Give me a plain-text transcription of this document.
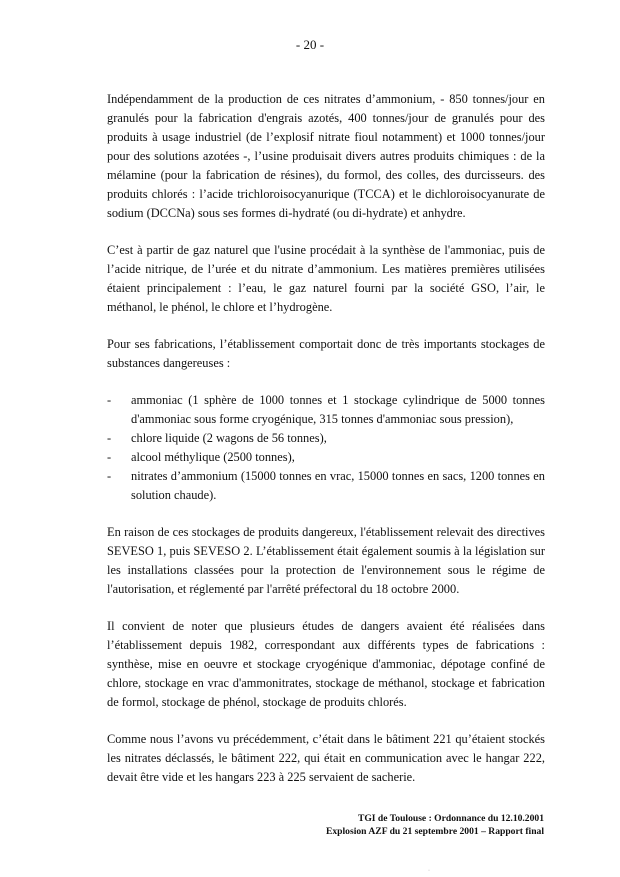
- 20 -

Indépendamment de la production de ces nitrates d’ammonium, - 850 tonnes/jour en granulés pour la fabrication d'engrais azotés, 400 tonnes/jour de granulés pour des produits à usage industriel (de l’explosif nitrate fioul notamment) et 1000 tonnes/jour pour des solutions azotées -, l’usine produisait divers autres produits chimiques : de la mélamine (pour la fabrication de résines), du formol, des colles, des durcisseurs. des produits chlorés : l’acide trichloroisocyanurique (TCCA) et le dichloroisocyanurate de sodium (DCCNa) sous ses formes di-hydraté (ou di-hydrate) et anhydre.

C’est à partir de gaz naturel que l'usine procédait à la synthèse de l'ammoniac, puis de l’acide nitrique, de l’urée et du nitrate d’ammonium. Les matières premières utilisées étaient principalement : l’eau, le gaz naturel fourni par la société GSO, l’air, le méthanol, le phénol, le chlore et l’hydrogène.

Pour ses fabrications, l’établissement comportait donc de très importants stockages de substances dangereuses :

- ammoniac (1 sphère de 1000 tonnes et 1 stockage cylindrique de 5000 tonnes d'ammoniac sous forme cryogénique, 315 tonnes d'ammoniac sous pression),
- chlore liquide (2 wagons de 56 tonnes),
- alcool méthylique (2500 tonnes),
- nitrates d’ammonium (15000 tonnes en vrac, 15000 tonnes en sacs, 1200 tonnes en solution chaude).

En raison de ces stockages de produits dangereux, l'établissement relevait des directives SEVESO 1, puis SEVESO 2. L’établissement était également soumis à la législation sur les installations classées pour la protection de l'environnement sous le régime de l'autorisation, et réglementé par l'arrêté préfectoral du 18 octobre 2000.

Il convient de noter que plusieurs études de dangers avaient été réalisées dans l’établissement depuis 1982, correspondant aux différents types de fabrications : synthèse, mise en oeuvre et stockage cryogénique d'ammoniac, dépotage confiné de chlore, stockage en vrac d'ammonitrates, stockage de méthanol, stockage et fabrication de formol, stockage de phénol, stockage de produits chlorés.

Comme nous l’avons vu précédemment, c’était dans le bâtiment 221 qu’étaient stockés les nitrates déclassés, le bâtiment 222, qui était en communication avec le hangar 222, devait être vide et les hangars 223 à 225 servaient de sacherie.

TGI de Toulouse : Ordonnance du 12.10.2001
Explosion AZF du 21 septembre 2001 – Rapport final
·
